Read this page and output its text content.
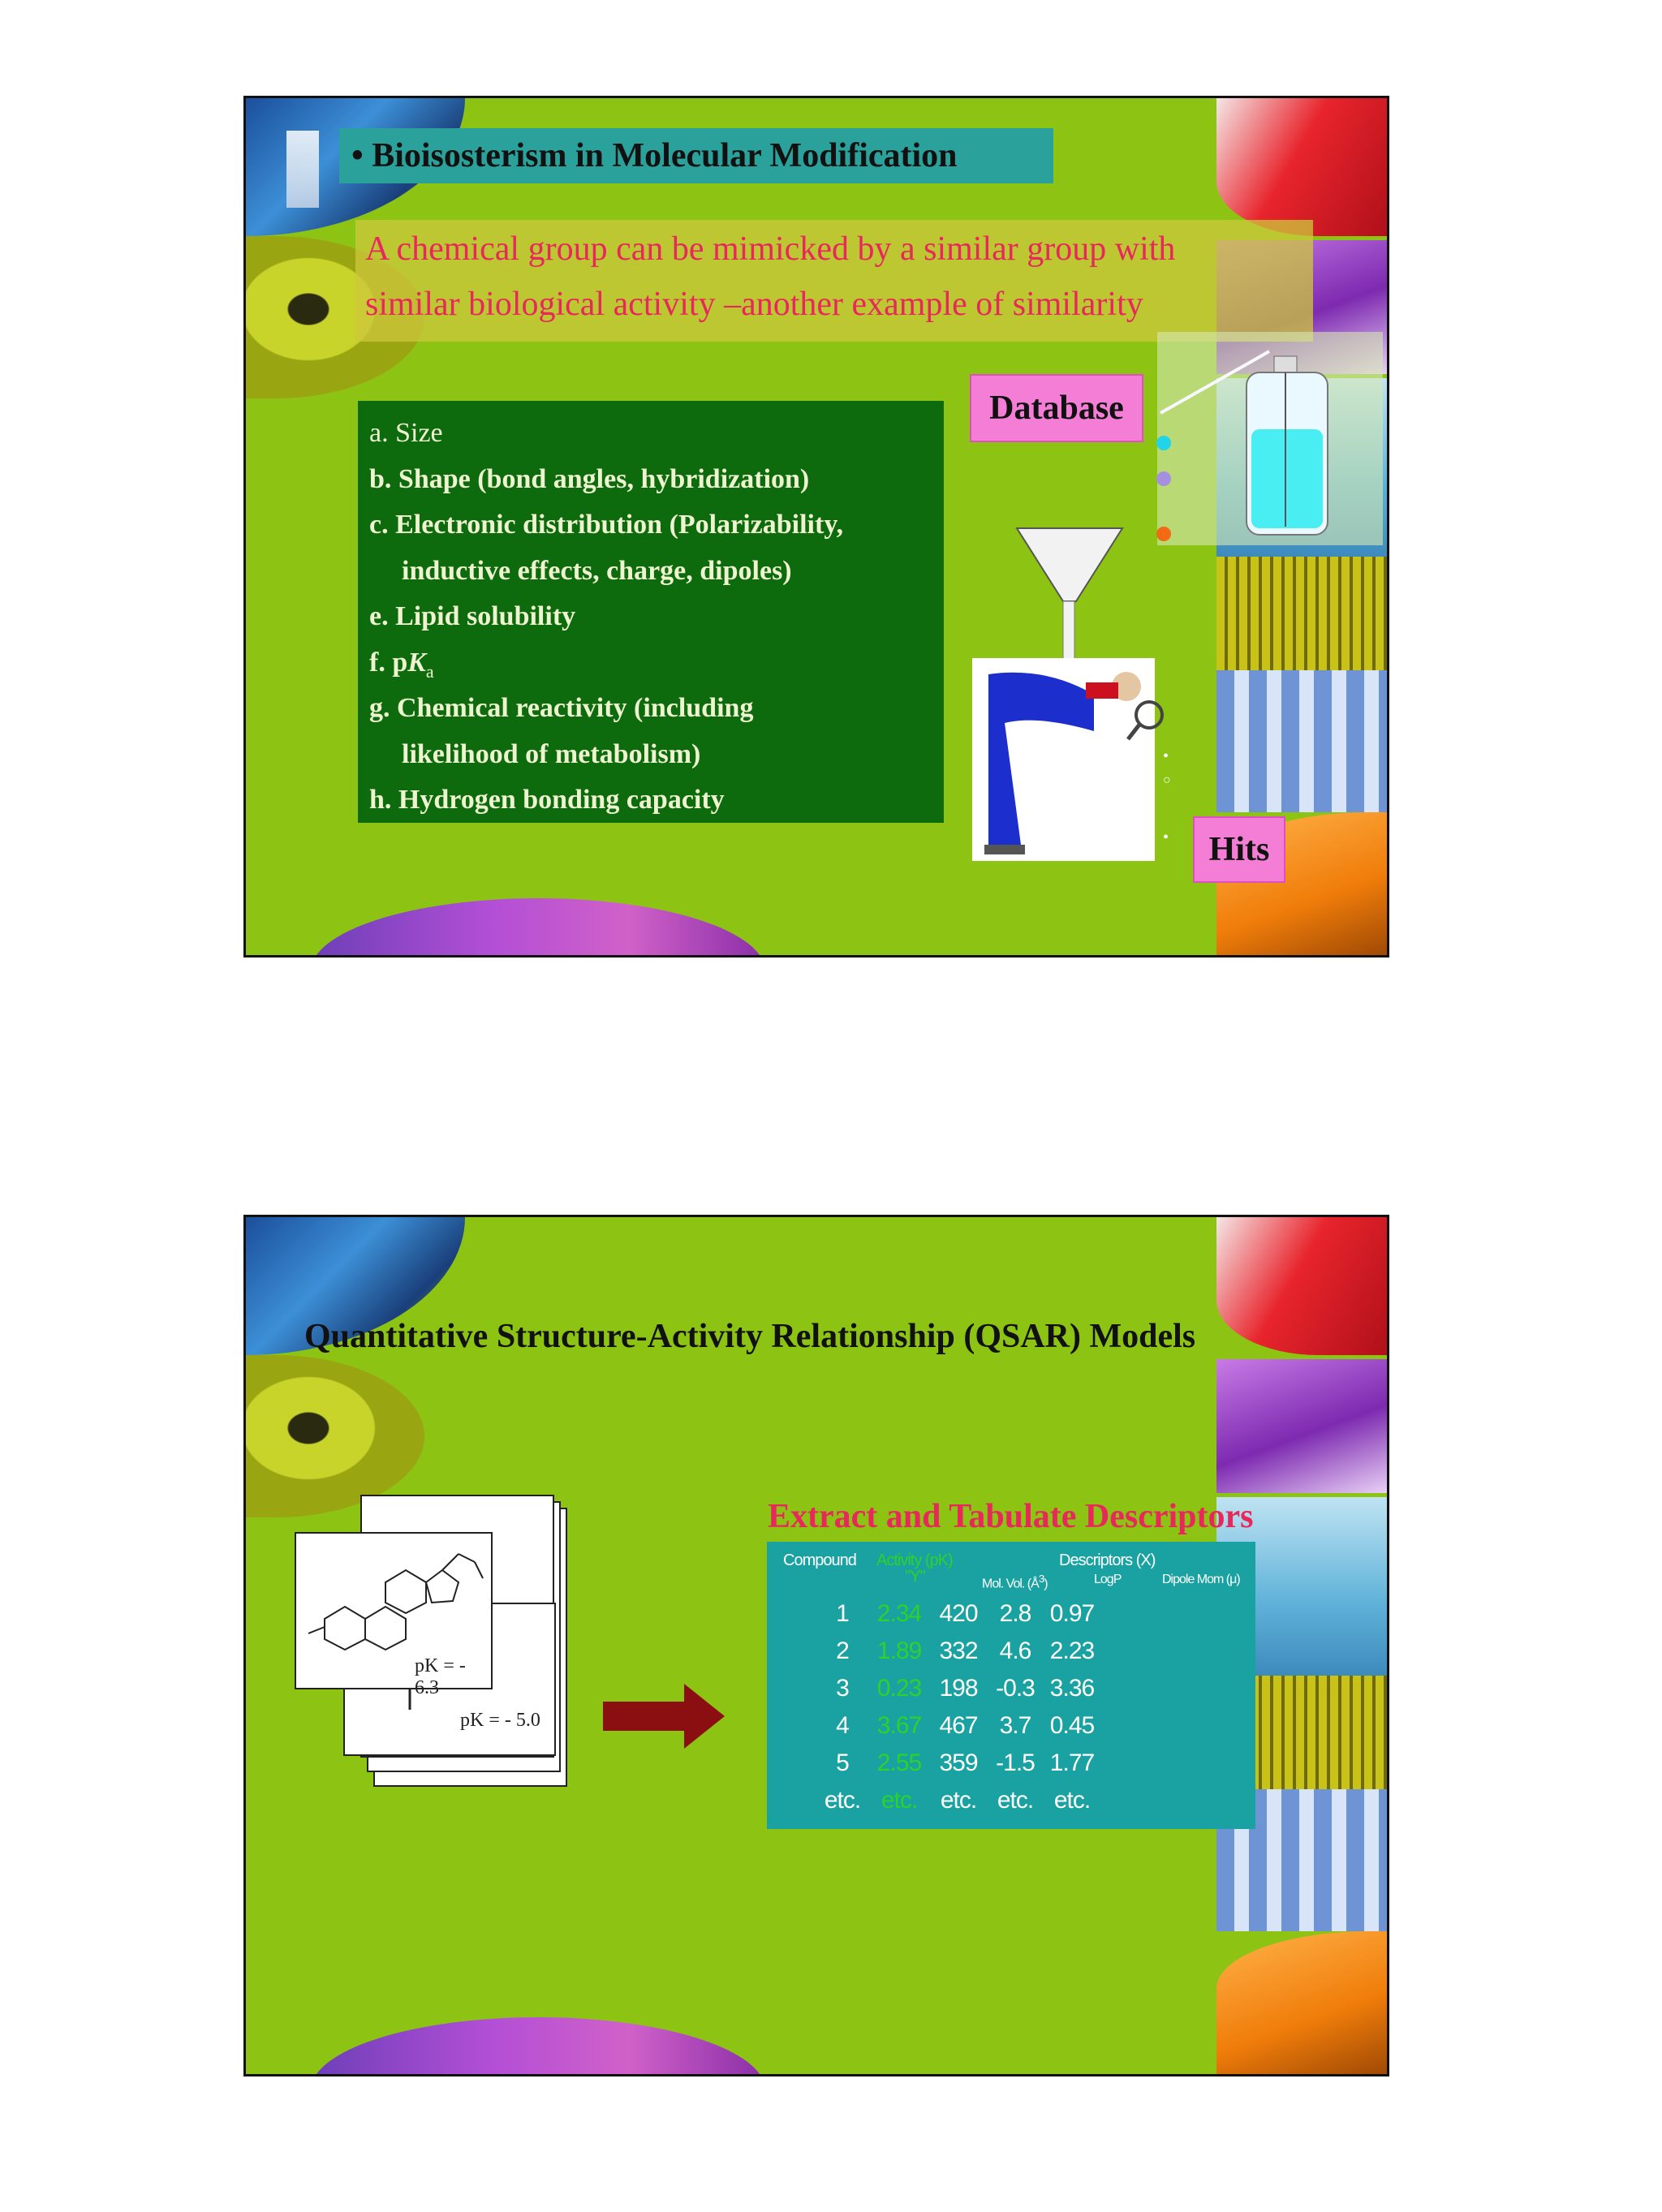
• Bioisosterism in Molecular Modification
A chemical group can be mimicked by a similar group with
similar biological activity –another example of similarity
a. Size
b. Shape (bond angles, hybridization)
c. Electronic distribution (Polarizability,
inductive effects, charge, dipoles)
e. Lipid solubility
f. $pK_a$
g. Chemical reactivity (including
likelihood of metabolism)
h. Hydrogen bonding capacity
Database
•
○
•	Hits
Quantitative Structure-Activity Relationship (QSAR) Models
pK = - 5.0
pK = - 6.3
Extract and Tabulate Descriptors
Compound Activity (pK)
"Y"
Descriptors (X)
Mol. Vol. $(Å^3)$	LogP	Dipole Mom (μ)
1	2.34 420 2.8 0.97
2	1.89 332 4.6 2.23
3	0.23 198 -0.3 3.36
4	3.67 467 3.7 0.45
5	2.55 359 -1.5 1.77
etc. etc. etc. etc. etc.
